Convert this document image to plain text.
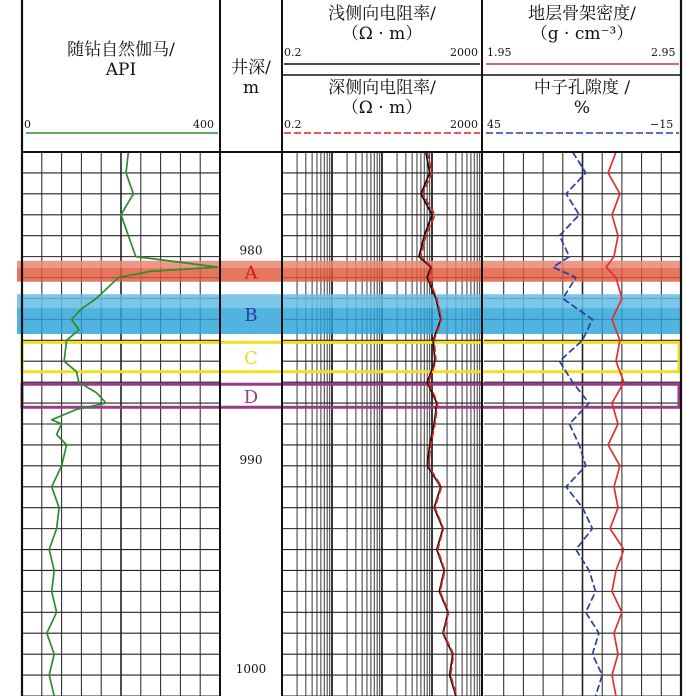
A
B
C
D
980
990
1000
随钻自然伽马/
API
0	400
井深/
m
浅侧向电阻率/
（Ω · m）
0.2	2000
深侧向电阻率/
（Ω · m）
0.2	2000
地层骨架密度/
（g · cm⁻³）
1.95	2.95
中子孔隙度 /
%
45	−15
